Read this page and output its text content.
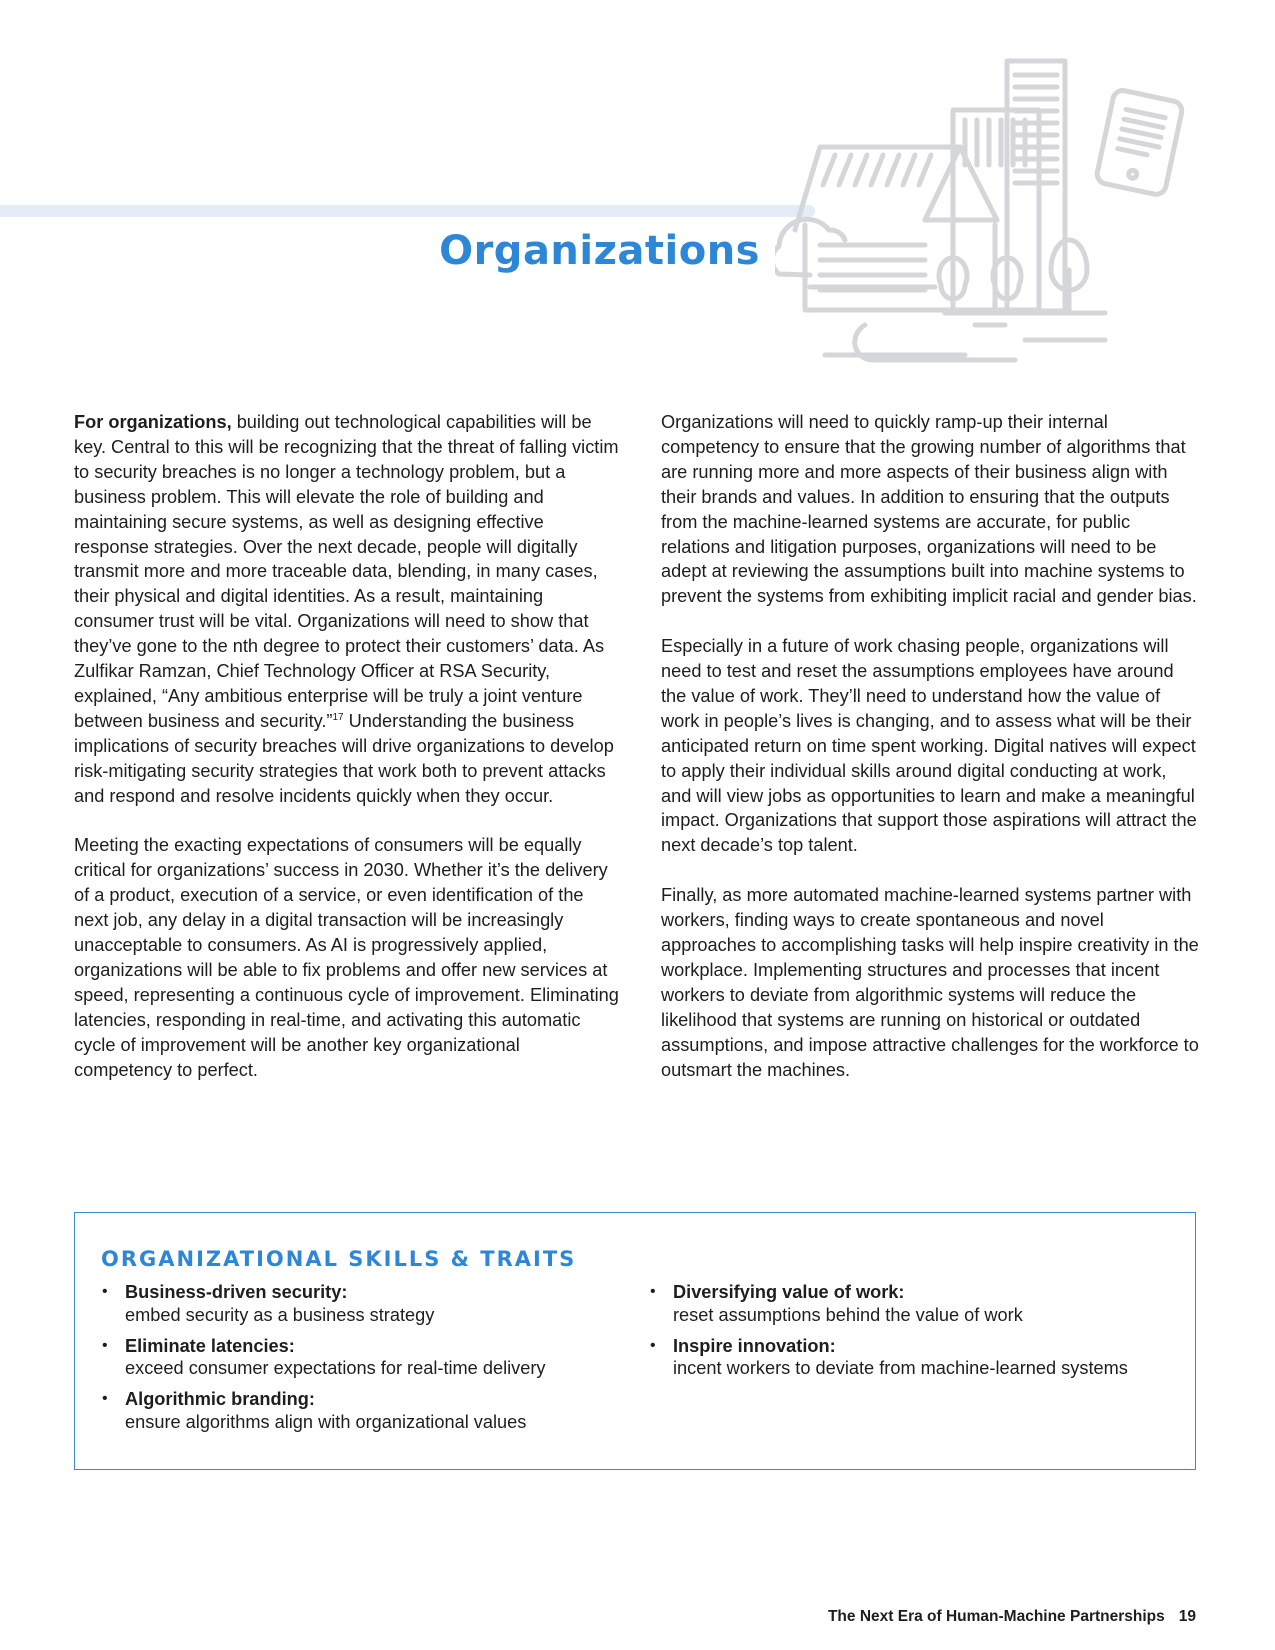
Organizations

For organizations, building out technological capabilities will be key. Central to this will be recognizing that the threat of falling victim to security breaches is no longer a technology problem, but a business problem. This will elevate the role of building and maintaining secure systems, as well as designing effective response strategies. Over the next decade, people will digitally transmit more and more traceable data, blending, in many cases, their physical and digital identities. As a result, maintaining consumer trust will be vital. Organizations will need to show that they’ve gone to the nth degree to protect their customers’ data. As Zulfikar Ramzan, Chief Technology Officer at RSA Security, explained, “Any ambitious enterprise will be truly a joint venture between business and security.”$^{17}$ Understanding the business implications of security breaches will drive organizations to develop risk-mitigating security strategies that work both to prevent attacks and respond and resolve incidents quickly when they occur.

Meeting the exacting expectations of consumers will be equally critical for organizations’ success in 2030. Whether it’s the delivery of a product, execution of a service, or even identification of the next job, any delay in a digital transaction will be increasingly unacceptable to consumers. As AI is progressively applied, organizations will be able to fix problems and offer new services at speed, representing a continuous cycle of improvement. Eliminating latencies, responding in real-time, and activating this automatic cycle of improvement will be another key organizational competency to perfect.

Organizations will need to quickly ramp-up their internal competency to ensure that the growing number of algorithms that are running more and more aspects of their business align with their brands and values. In addition to ensuring that the outputs from the machine-learned systems are accurate, for public relations and litigation purposes, organizations will need to be adept at reviewing the assumptions built into machine systems to prevent the systems from exhibiting implicit racial and gender bias.

Especially in a future of work chasing people, organizations will need to test and reset the assumptions employees have around the value of work. They’ll need to understand how the value of work in people’s lives is changing, and to assess what will be their anticipated return on time spent working. Digital natives will expect to apply their individual skills around digital conducting at work, and will view jobs as opportunities to learn and make a meaningful impact. Organizations that support those aspirations will attract the next decade’s top talent.

Finally, as more automated machine-learned systems partner with workers, finding ways to create spontaneous and novel approaches to accomplishing tasks will help inspire creativity in the workplace. Implementing structures and processes that incent workers to deviate from algorithmic systems will reduce the likelihood that systems are running on historical or outdated assumptions, and impose attractive challenges for the workforce to outsmart the machines.

ORGANIZATIONAL SKILLS & TRAITS
• Business-driven security:
embed security as a business strategy
• Eliminate latencies:
exceed consumer expectations for real-time delivery
• Algorithmic branding:
ensure algorithms align with organizational values
• Diversifying value of work:
reset assumptions behind the value of work
• Inspire innovation:
incent workers to deviate from machine-learned systems
The Next Era of Human-Machine Partnerships 19
